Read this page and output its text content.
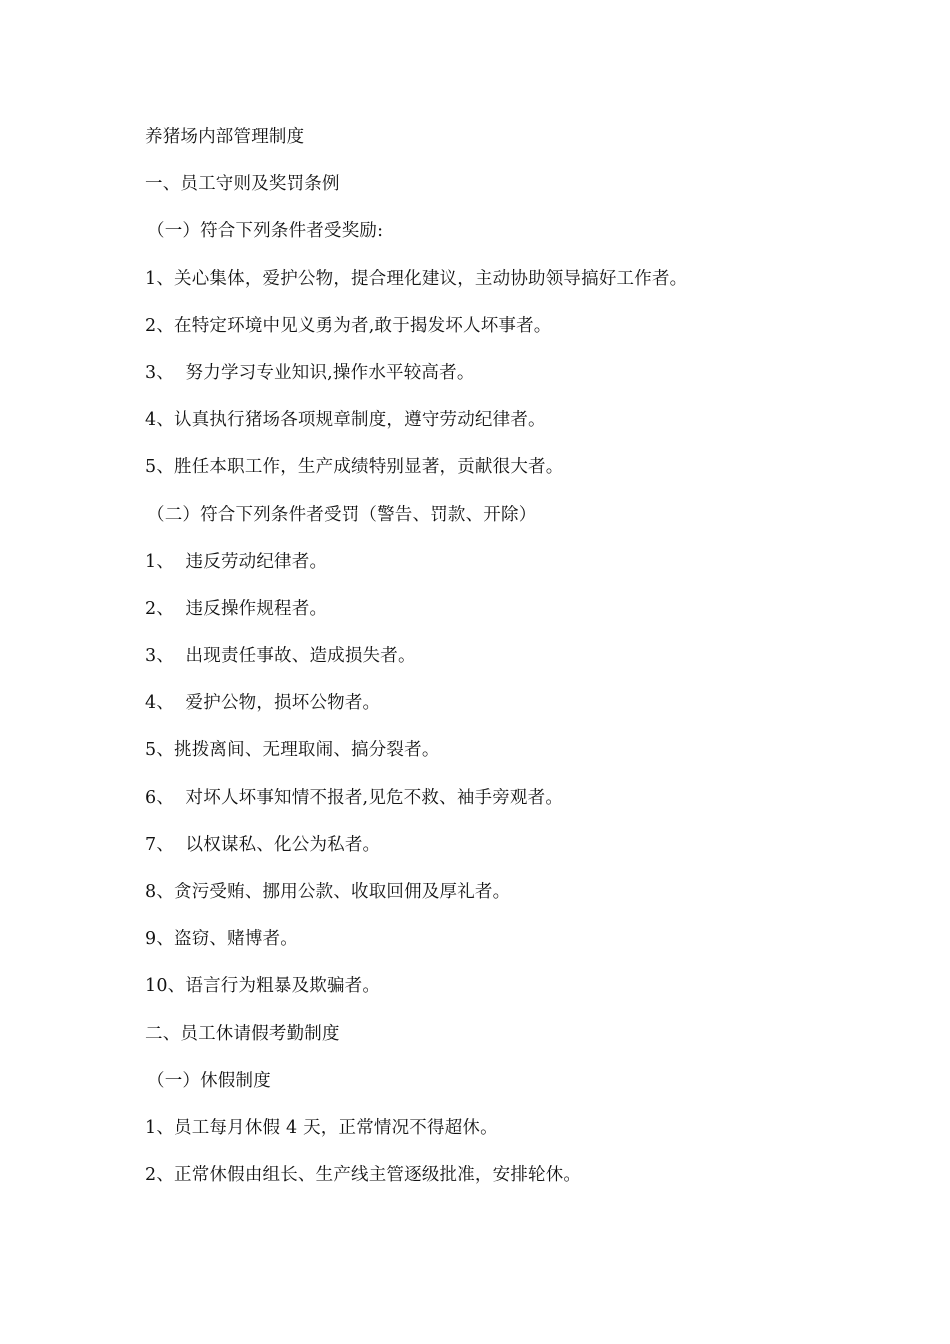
养猪场内部管理制度
一、员工守则及奖罚条例
（一）符合下列条件者受奖励:
1、关心集体，爱护公物，提合理化建议，主动协助领导搞好工作者。
2、在特定环境中见义勇为者,敢于揭发坏人坏事者。
3、  努力学习专业知识,操作水平较高者。
4、认真执行猪场各项规章制度，遵守劳动纪律者。
5、胜任本职工作，生产成绩特别显著，贡献很大者。
（二）符合下列条件者受罚（警告、罚款、开除）
1、  违反劳动纪律者。
2、  违反操作规程者。
3、  出现责任事故、造成损失者。
4、  爱护公物，损坏公物者。
5、挑拨离间、无理取闹、搞分裂者。
6、  对坏人坏事知情不报者,见危不救、袖手旁观者。
7、  以权谋私、化公为私者。
8、贪污受贿、挪用公款、收取回佣及厚礼者。
9、盗窃、赌博者。
10、语言行为粗暴及欺骗者。
二、员工休请假考勤制度
（一）休假制度
1、员工每月休假 4 天，正常情况不得超休。
2、正常休假由组长、生产线主管逐级批准，安排轮休。
